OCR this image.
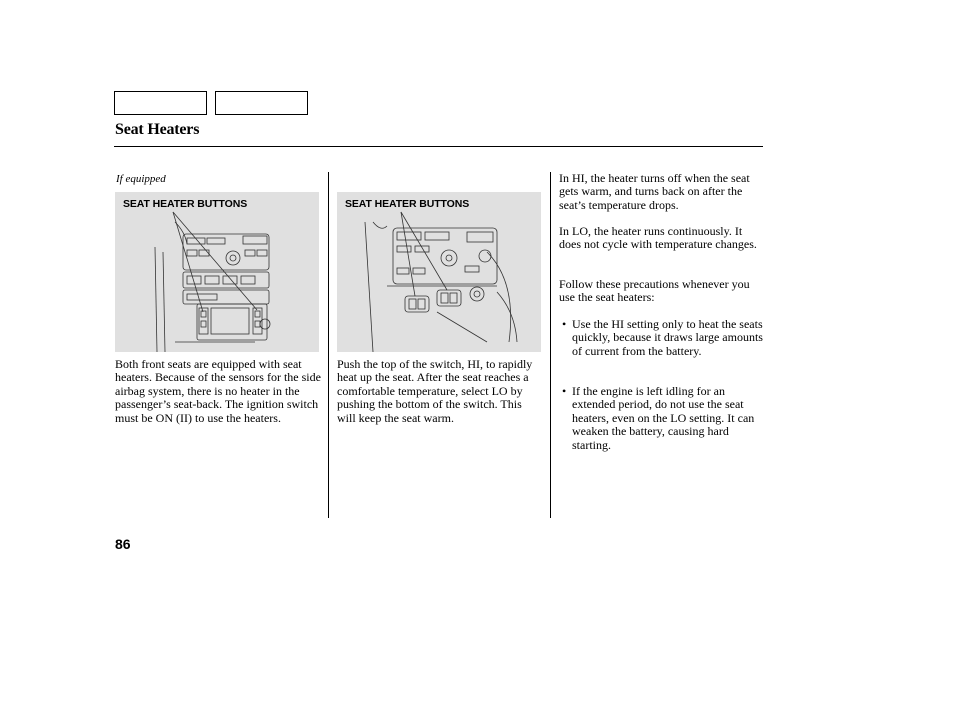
Seat Heaters
If equipped
SEAT HEATER BUTTONS	SEAT HEATER BUTTONS
Both front seats are equipped with seat heaters. Because of the sensors for the side airbag system, there is no heater in the passenger’s seat-back. The ignition switch must be ON (II) to use the heaters.
Push the top of the switch, HI, to rapidly heat up the seat. After the seat reaches a comfortable temperature, select LO by pushing the bottom of the switch. This will keep the seat warm.
In HI, the heater turns off when the seat gets warm, and turns back on after the seat’s temperature drops.
In LO, the heater runs continuously. It does not cycle with temperature changes.
Follow these precautions whenever you use the seat heaters:
• Use the HI setting only to heat the seats quickly, because it draws large amounts of current from the battery.
• If the engine is left idling for an extended period, do not use the seat heaters, even on the LO setting. It can weaken the battery, causing hard starting.
86
